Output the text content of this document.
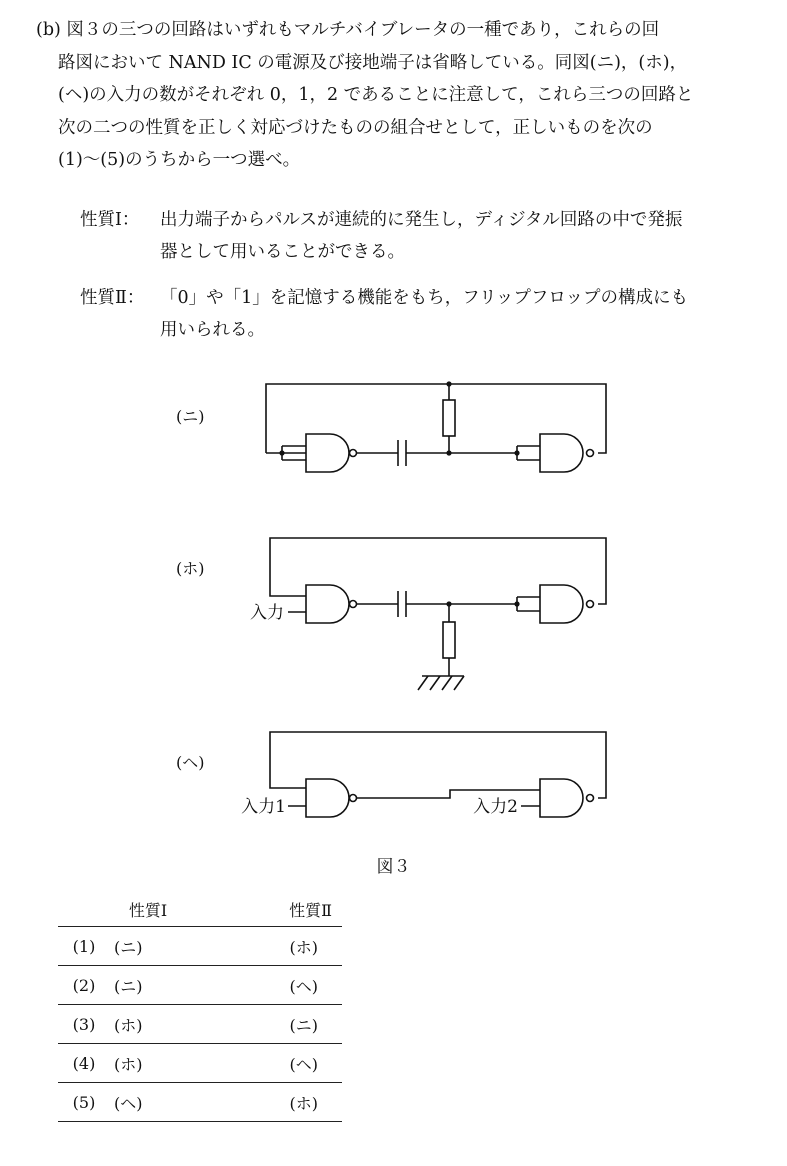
(b) 図３の三つの回路はいずれもマルチバイブレータの一種であり，これらの回
路図において NAND IC の電源及び接地端子は省略している。同図(ニ)，(ホ)，
(ヘ)の入力の数がそれぞれ 0，1，2 であることに注意して，これら三つの回路と
次の二つの性質を正しく対応づけたものの組合せとして，正しいものを次の
(1)～(5)のうちから一つ選べ。
性質Ⅰ： 出力端子からパルスが連続的に発生し，ディジタル回路の中で発振
器として用いることができる。
性質Ⅱ： 「0」や「1」を記憶する機能をもち，フリップフロップの構成にも
用いられる。
(ニ)
(ホ)
(ヘ)
入力
入力1	入力2
図３
	性質Ⅰ	性質Ⅱ
(1)	(ニ)	(ホ)
(2)	(ニ)	(ヘ)
(3)	(ホ)	(ニ)
(4)	(ホ)	(ヘ)
(5)	(ヘ)	(ホ)
